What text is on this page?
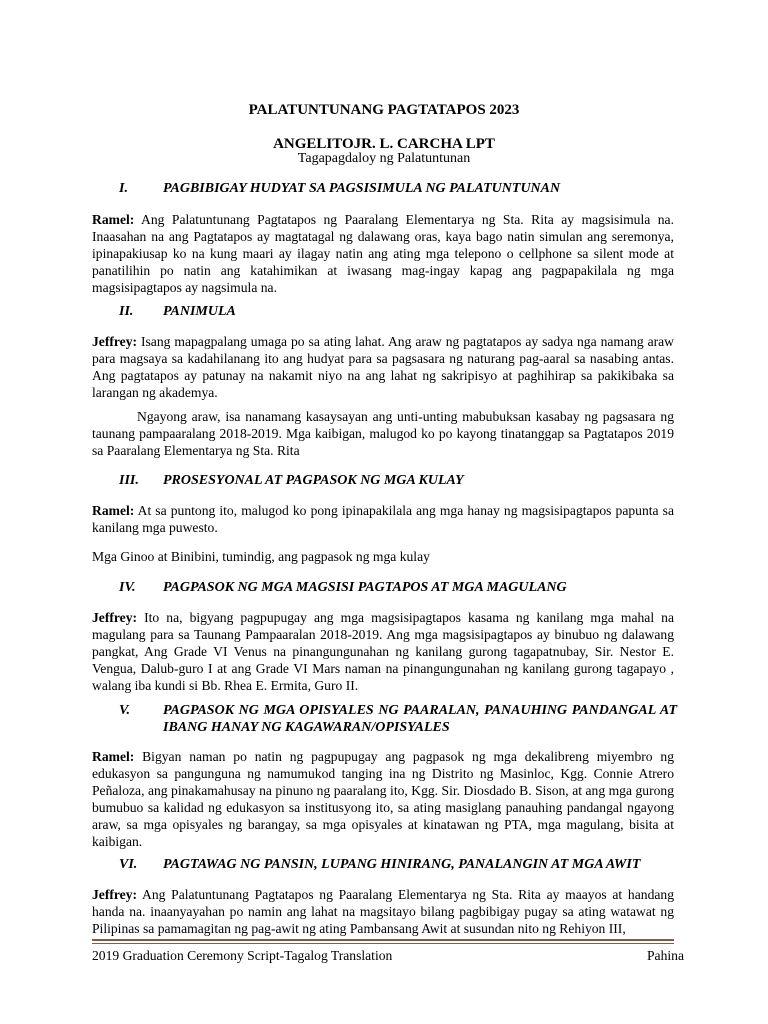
PALATUNTUNANG PAGTATAPOS 2023
ANGELITOJR. L. CARCHA LPT
Tagapagdaloy ng Palatuntunan
I.	PAGBIBIGAY HUDYAT SA PAGSISIMULA NG PALATUNTUNAN
Ramel: Ang Palatuntunang Pagtatapos ng Paaralang Elementarya ng Sta. Rita ay magsisimula na. Inaasahan na ang Pagtatapos ay magtatagal ng dalawang oras, kaya bago natin simulan ang seremonya, ipinapakiusap ko na kung maari ay ilagay natin ang ating mga telepono o cellphone sa silent mode at panatilihin po natin ang katahimikan at iwasang mag-ingay kapag ang pagpapakilala ng mga magsisipagtapos ay nagsimula na.
II. PANIMULA
Jeffrey: Isang mapagpalang umaga po sa ating lahat. Ang araw ng pagtatapos ay sadya nga namang araw para magsaya sa kadahilanang ito ang hudyat para sa pagsasara ng naturang pag-aaral sa nasabing antas. Ang pagtatapos ay patunay na nakamit niyo na ang lahat ng sakripisyo at paghihirap sa pakikibaka sa larangan ng akademya.
Ngayong araw, isa nanamang kasaysayan ang unti-unting mabubuksan kasabay ng pagsasara ng taunang pampaaralang 2018-2019. Mga kaibigan, malugod ko po kayong tinatanggap sa Pagtatapos 2019 sa Paaralang Elementarya ng Sta. Rita
III. PROSESYONAL AT PAGPASOK NG MGA KULAY
Ramel: At sa puntong ito, malugod ko pong ipinapakilala ang mga hanay ng magsisipagtapos papunta sa kanilang mga puwesto.
Mga Ginoo at Binibini, tumindig, ang pagpasok ng mga kulay
IV. PAGPASOK NG MGA MAGSISI PAGTAPOS AT MGA MAGULANG
Jeffrey: Ito na, bigyang pagpupugay ang mga magsisipagtapos kasama ng kanilang mga mahal na magulang para sa Taunang Pampaaralan 2018-2019. Ang mga magsisipagtapos ay binubuo ng dalawang pangkat, Ang Grade VI Venus na pinangungunahan ng kanilang gurong tagapatnubay, Sir. Nestor E. Vengua, Dalub-guro I at ang Grade VI Mars naman na pinangungunahan ng kanilang gurong tagapayo , walang iba kundi si Bb. Rhea E. Ermita, Guro II.
V. PAGPASOK NG MGA OPISYALES NG PAARALAN, PANAUHING PANDANGAL AT IBANG HANAY NG KAGAWARAN/OPISYALES
Ramel: Bigyan naman po natin ng pagpupugay ang pagpasok ng mga dekalibreng miyembro ng edukasyon sa pangunguna ng namumukod tanging ina ng Distrito ng Masinloc, Kgg. Connie Atrero Peñaloza, ang pinakamahusay na pinuno ng paaralang ito, Kgg. Sir. Diosdado B. Sison, at ang mga gurong bumubuo sa kalidad ng edukasyon sa institusyong ito, sa ating masiglang panauhing pandangal ngayong araw, sa mga opisyales ng barangay, sa mga opisyales at kinatawan ng PTA, mga magulang, bisita at kaibigan.
VI. PAGTAWAG NG PANSIN, LUPANG HINIRANG, PANALANGIN AT MGA AWIT
Jeffrey: Ang Palatuntunang Pagtatapos ng Paaralang Elementarya ng Sta. Rita ay maayos at handang handa na. inaanyayahan po namin ang lahat na magsitayo bilang pagbibigay pugay sa ating watawat ng Pilipinas sa pamamagitan ng pag-awit ng ating Pambansang Awit at susundan nito ng Rehiyon III,
2019 Graduation Ceremony Script-Tagalog Translation	Pahina
